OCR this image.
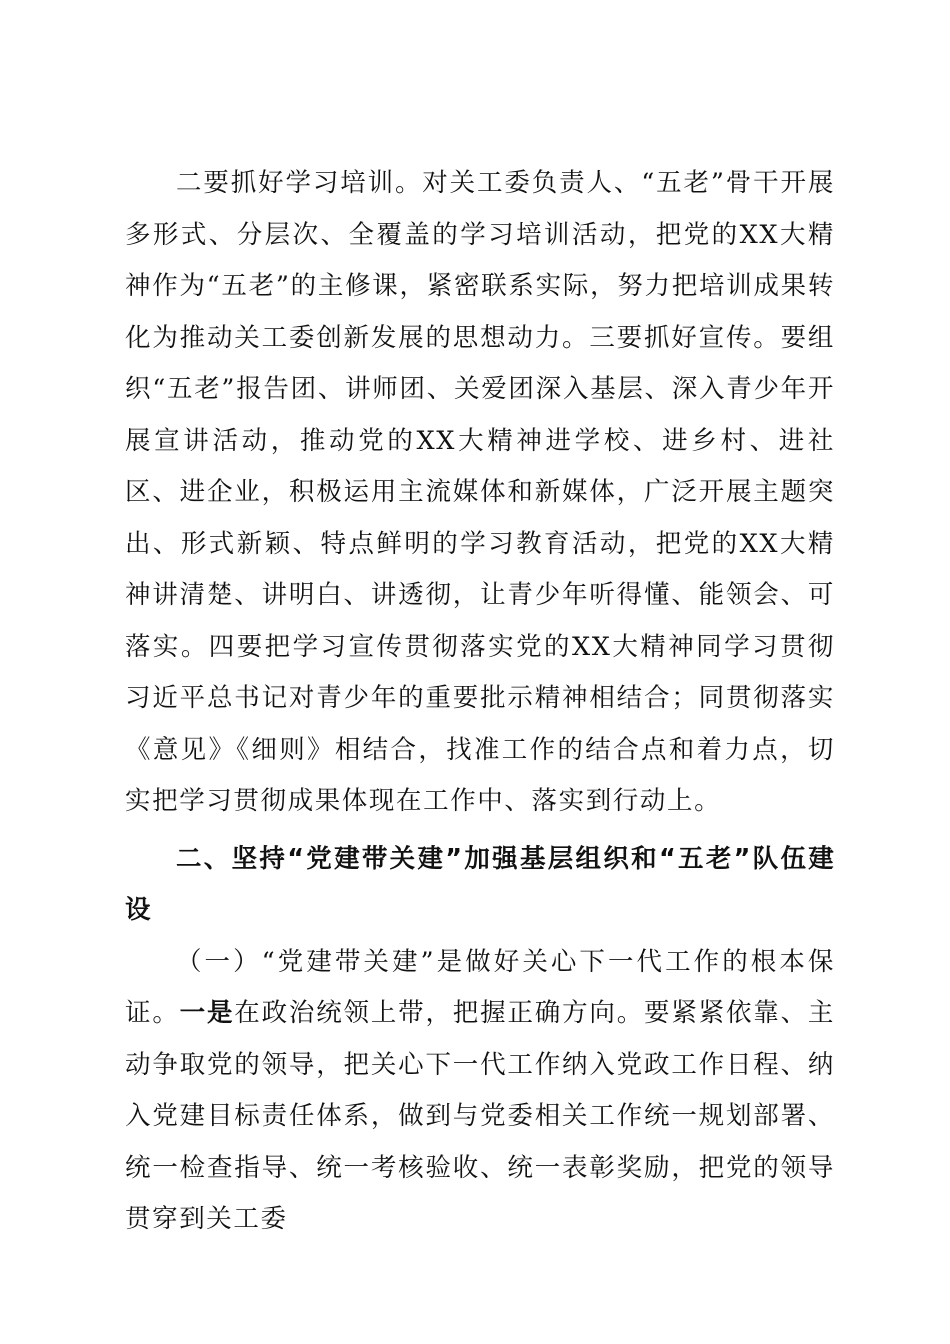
二要抓好学习培训。对关工委负责人、“五老”骨干开展多形式、分层次、全覆盖的学习培训活动，把党的XX大精神作为“五老”的主修课，紧密联系实际，努力把培训成果转化为推动关工委创新发展的思想动力。三要抓好宣传。要组织“五老”报告团、讲师团、关爱团深入基层、深入青少年开展宣讲活动，推动党的XX大精神进学校、进乡村、进社区、进企业，积极运用主流媒体和新媒体，广泛开展主题突出、形式新颖、特点鲜明的学习教育活动，把党的XX大精神讲清楚、讲明白、讲透彻，让青少年听得懂、能领会、可落实。四要把学习宣传贯彻落实党的XX大精神同学习贯彻习近平总书记对青少年的重要批示精神相结合；同贯彻落实《意见》《细则》相结合，找准工作的结合点和着力点，切实把学习贯彻成果体现在工作中、落实到行动上。

二、坚持“党建带关建”加强基层组织和“五老”队伍建设

（一）“党建带关建”是做好关心下一代工作的根本保证。一是在政治统领上带，把握正确方向。要紧紧依靠、主动争取党的领导，把关心下一代工作纳入党政工作日程、纳入党建目标责任体系，做到与党委相关工作统一规划部署、统一检查指导、统一考核验收、统一表彰奖励，把党的领导贯穿到关工委
